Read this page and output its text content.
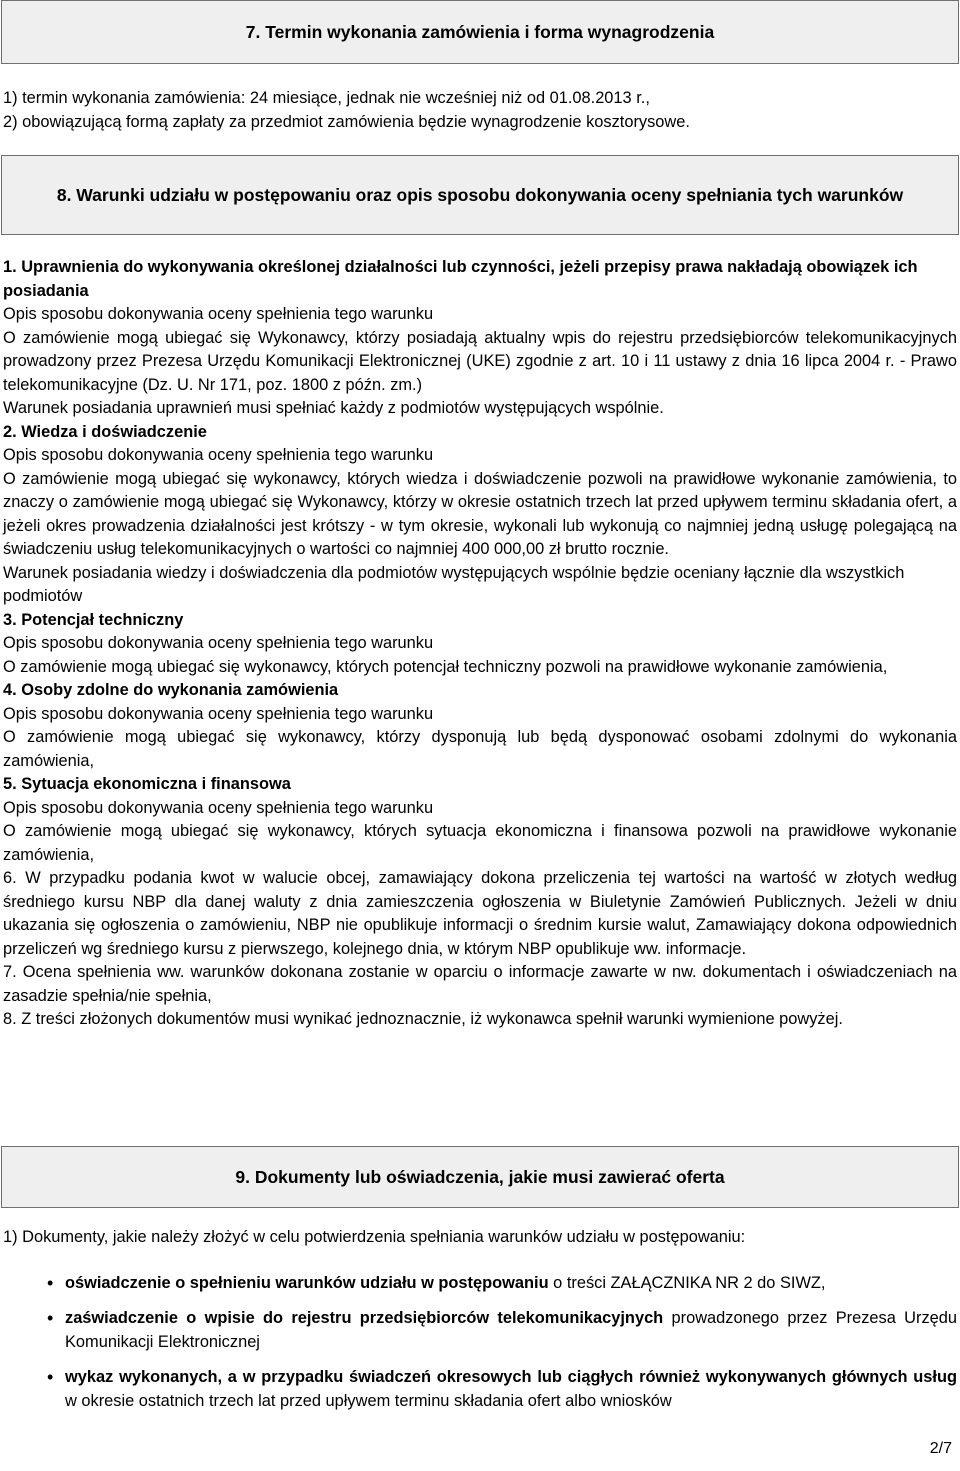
7. Termin wykonania zamówienia i forma wynagrodzenia

1) termin wykonania zamówienia: 24 miesiące, jednak nie wcześniej niż od 01.08.2013 r.,

2) obowiązującą formą zapłaty za przedmiot zamówienia będzie wynagrodzenie kosztorysowe.

8. Warunki udziału w postępowaniu oraz opis sposobu dokonywania oceny spełniania tych warunków

1. Uprawnienia do wykonywania określonej działalności lub czynności, jeżeli przepisy prawa nakładają obowiązek ich posiadania

Opis sposobu dokonywania oceny spełnienia tego warunku

O zamówienie mogą ubiegać się Wykonawcy, którzy posiadają aktualny wpis do rejestru przedsiębiorców telekomunikacyjnych prowadzony przez Prezesa Urzędu Komunikacji Elektronicznej (UKE) zgodnie z art. 10 i 11 ustawy z dnia 16 lipca 2004 r. - Prawo telekomunikacyjne (Dz. U. Nr 171, poz. 1800 z późn. zm.)

Warunek posiadania uprawnień musi spełniać każdy z podmiotów występujących wspólnie.

2. Wiedza i doświadczenie

Opis sposobu dokonywania oceny spełnienia tego warunku

O zamówienie mogą ubiegać się wykonawcy, których wiedza i doświadczenie pozwoli na prawidłowe wykonanie zamówienia, to znaczy o zamówienie mogą ubiegać się Wykonawcy, którzy w okresie ostatnich trzech lat przed upływem terminu składania ofert, a jeżeli okres prowadzenia działalności jest krótszy - w tym okresie, wykonali lub wykonują co najmniej jedną usługę polegającą na świadczeniu usług telekomunikacyjnych o wartości co najmniej 400 000,00 zł brutto rocznie.

Warunek posiadania wiedzy i doświadczenia dla podmiotów występujących wspólnie będzie oceniany łącznie dla wszystkich podmiotów

3. Potencjał techniczny

Opis sposobu dokonywania oceny spełnienia tego warunku

O zamówienie mogą ubiegać się wykonawcy, których potencjał techniczny pozwoli na prawidłowe wykonanie zamówienia,

4. Osoby zdolne do wykonania zamówienia

Opis sposobu dokonywania oceny spełnienia tego warunku

O zamówienie mogą ubiegać się wykonawcy, którzy dysponują lub będą dysponować osobami zdolnymi do wykonania zamówienia,

5. Sytuacja ekonomiczna i finansowa

Opis sposobu dokonywania oceny spełnienia tego warunku

O zamówienie mogą ubiegać się wykonawcy, których sytuacja ekonomiczna i finansowa pozwoli na prawidłowe wykonanie zamówienia,

6. W przypadku podania kwot w walucie obcej, zamawiający dokona przeliczenia tej wartości na wartość w złotych według średniego kursu NBP dla danej waluty z dnia zamieszczenia ogłoszenia w Biuletynie Zamówień Publicznych. Jeżeli w dniu ukazania się ogłoszenia o zamówieniu, NBP nie opublikuje informacji o średnim kursie walut, Zamawiający dokona odpowiednich przeliczeń wg średniego kursu z pierwszego, kolejnego dnia, w którym NBP opublikuje ww. informacje.

7. Ocena spełnienia ww. warunków dokonana zostanie w oparciu o informacje zawarte w nw. dokumentach i oświadczeniach na zasadzie spełnia/nie spełnia,

8. Z treści złożonych dokumentów musi wynikać jednoznacznie, iż wykonawca spełnił warunki wymienione powyżej.

9. Dokumenty lub oświadczenia, jakie musi zawierać oferta

1) Dokumenty, jakie należy złożyć w celu potwierdzenia spełniania warunków udziału w postępowaniu:

• oświadczenie o spełnieniu warunków udziału w postępowaniu o treści ZAŁĄCZNIKA NR 2 do SIWZ,
• zaświadczenie o wpisie do rejestru przedsiębiorców telekomunikacyjnych prowadzonego przez Prezesa Urzędu Komunikacji Elektronicznej
• wykaz wykonanych, a w przypadku świadczeń okresowych lub ciągłych również wykonywanych głównych usług w okresie ostatnich trzech lat przed upływem terminu składania ofert albo wniosków
2/7
